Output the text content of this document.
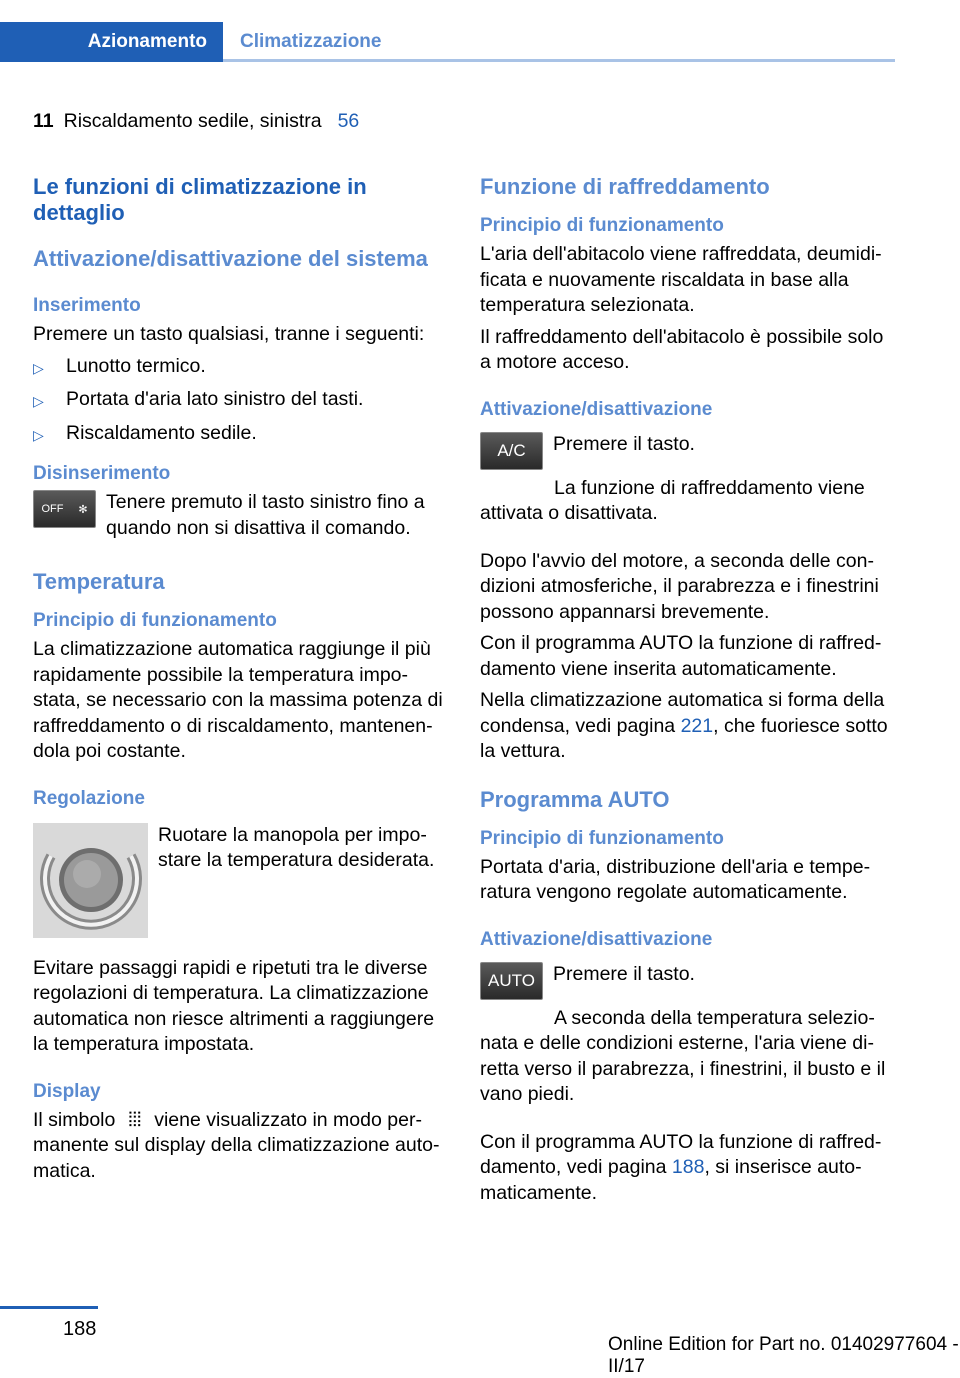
Azionamento	Climatizzazione
11 Riscaldamento sedile, sinistra 56
Le funzioni di climatizzazione in dettaglio
Attivazione/disattivazione del sistema
Inserimento
Premere un tasto qualsiasi, tranne i seguenti:
▷	Lunotto termico.
▷	Portata d'aria lato sinistro del tasti.
▷	Riscaldamento sedile.
Disinserimento
OFF ✻ Tenere premuto il tasto sinistro fino a quando non si disattiva il comando.
Temperatura
Principio di funzionamento
La climatizzazione automatica raggiunge il più rapidamente possibile la temperatura impostata, se necessario con la massima potenza di raffreddamento o di riscaldamento, mantenendola poi costante.
Regolazione
Ruotare la manopola per impostare la temperatura desiderata.
Evitare passaggi rapidi e ripetuti tra le diverse regolazioni di temperatura. La climatizzazione automatica non riesce altrimenti a raggiungere la temperatura impostata.
Display
Il simbolo ⦙⦙⦙ viene visualizzato in modo permanente sul display della climatizzazione automatica.
Funzione di raffreddamento
Principio di funzionamento
L'aria dell'abitacolo viene raffreddata, deumidificata e nuovamente riscaldata in base alla temperatura selezionata.
Il raffreddamento dell'abitacolo è possibile solo a motore acceso.
Attivazione/disattivazione
A/C	Premere il tasto.
La funzione di raffreddamento viene attivata o disattivata.
Dopo l'avvio del motore, a seconda delle condizioni atmosferiche, il parabrezza e i finestrini possono appannarsi brevemente.
Con il programma AUTO la funzione di raffreddamento viene inserita automaticamente.
Nella climatizzazione automatica si forma della condensa, vedi pagina 221, che fuoriesce sotto la vettura.
Programma AUTO
Principio di funzionamento
Portata d'aria, distribuzione dell'aria e temperatura vengono regolate automaticamente.
Attivazione/disattivazione
AUTO Premere il tasto.
A seconda della temperatura selezionata e delle condizioni esterne, l'aria viene diretta verso il parabrezza, i finestrini, il busto e il vano piedi.
Con il programma AUTO la funzione di raffreddamento, vedi pagina 188, si inserisce automaticamente.
188
Online Edition for Part no. 01402977604 - II/17
